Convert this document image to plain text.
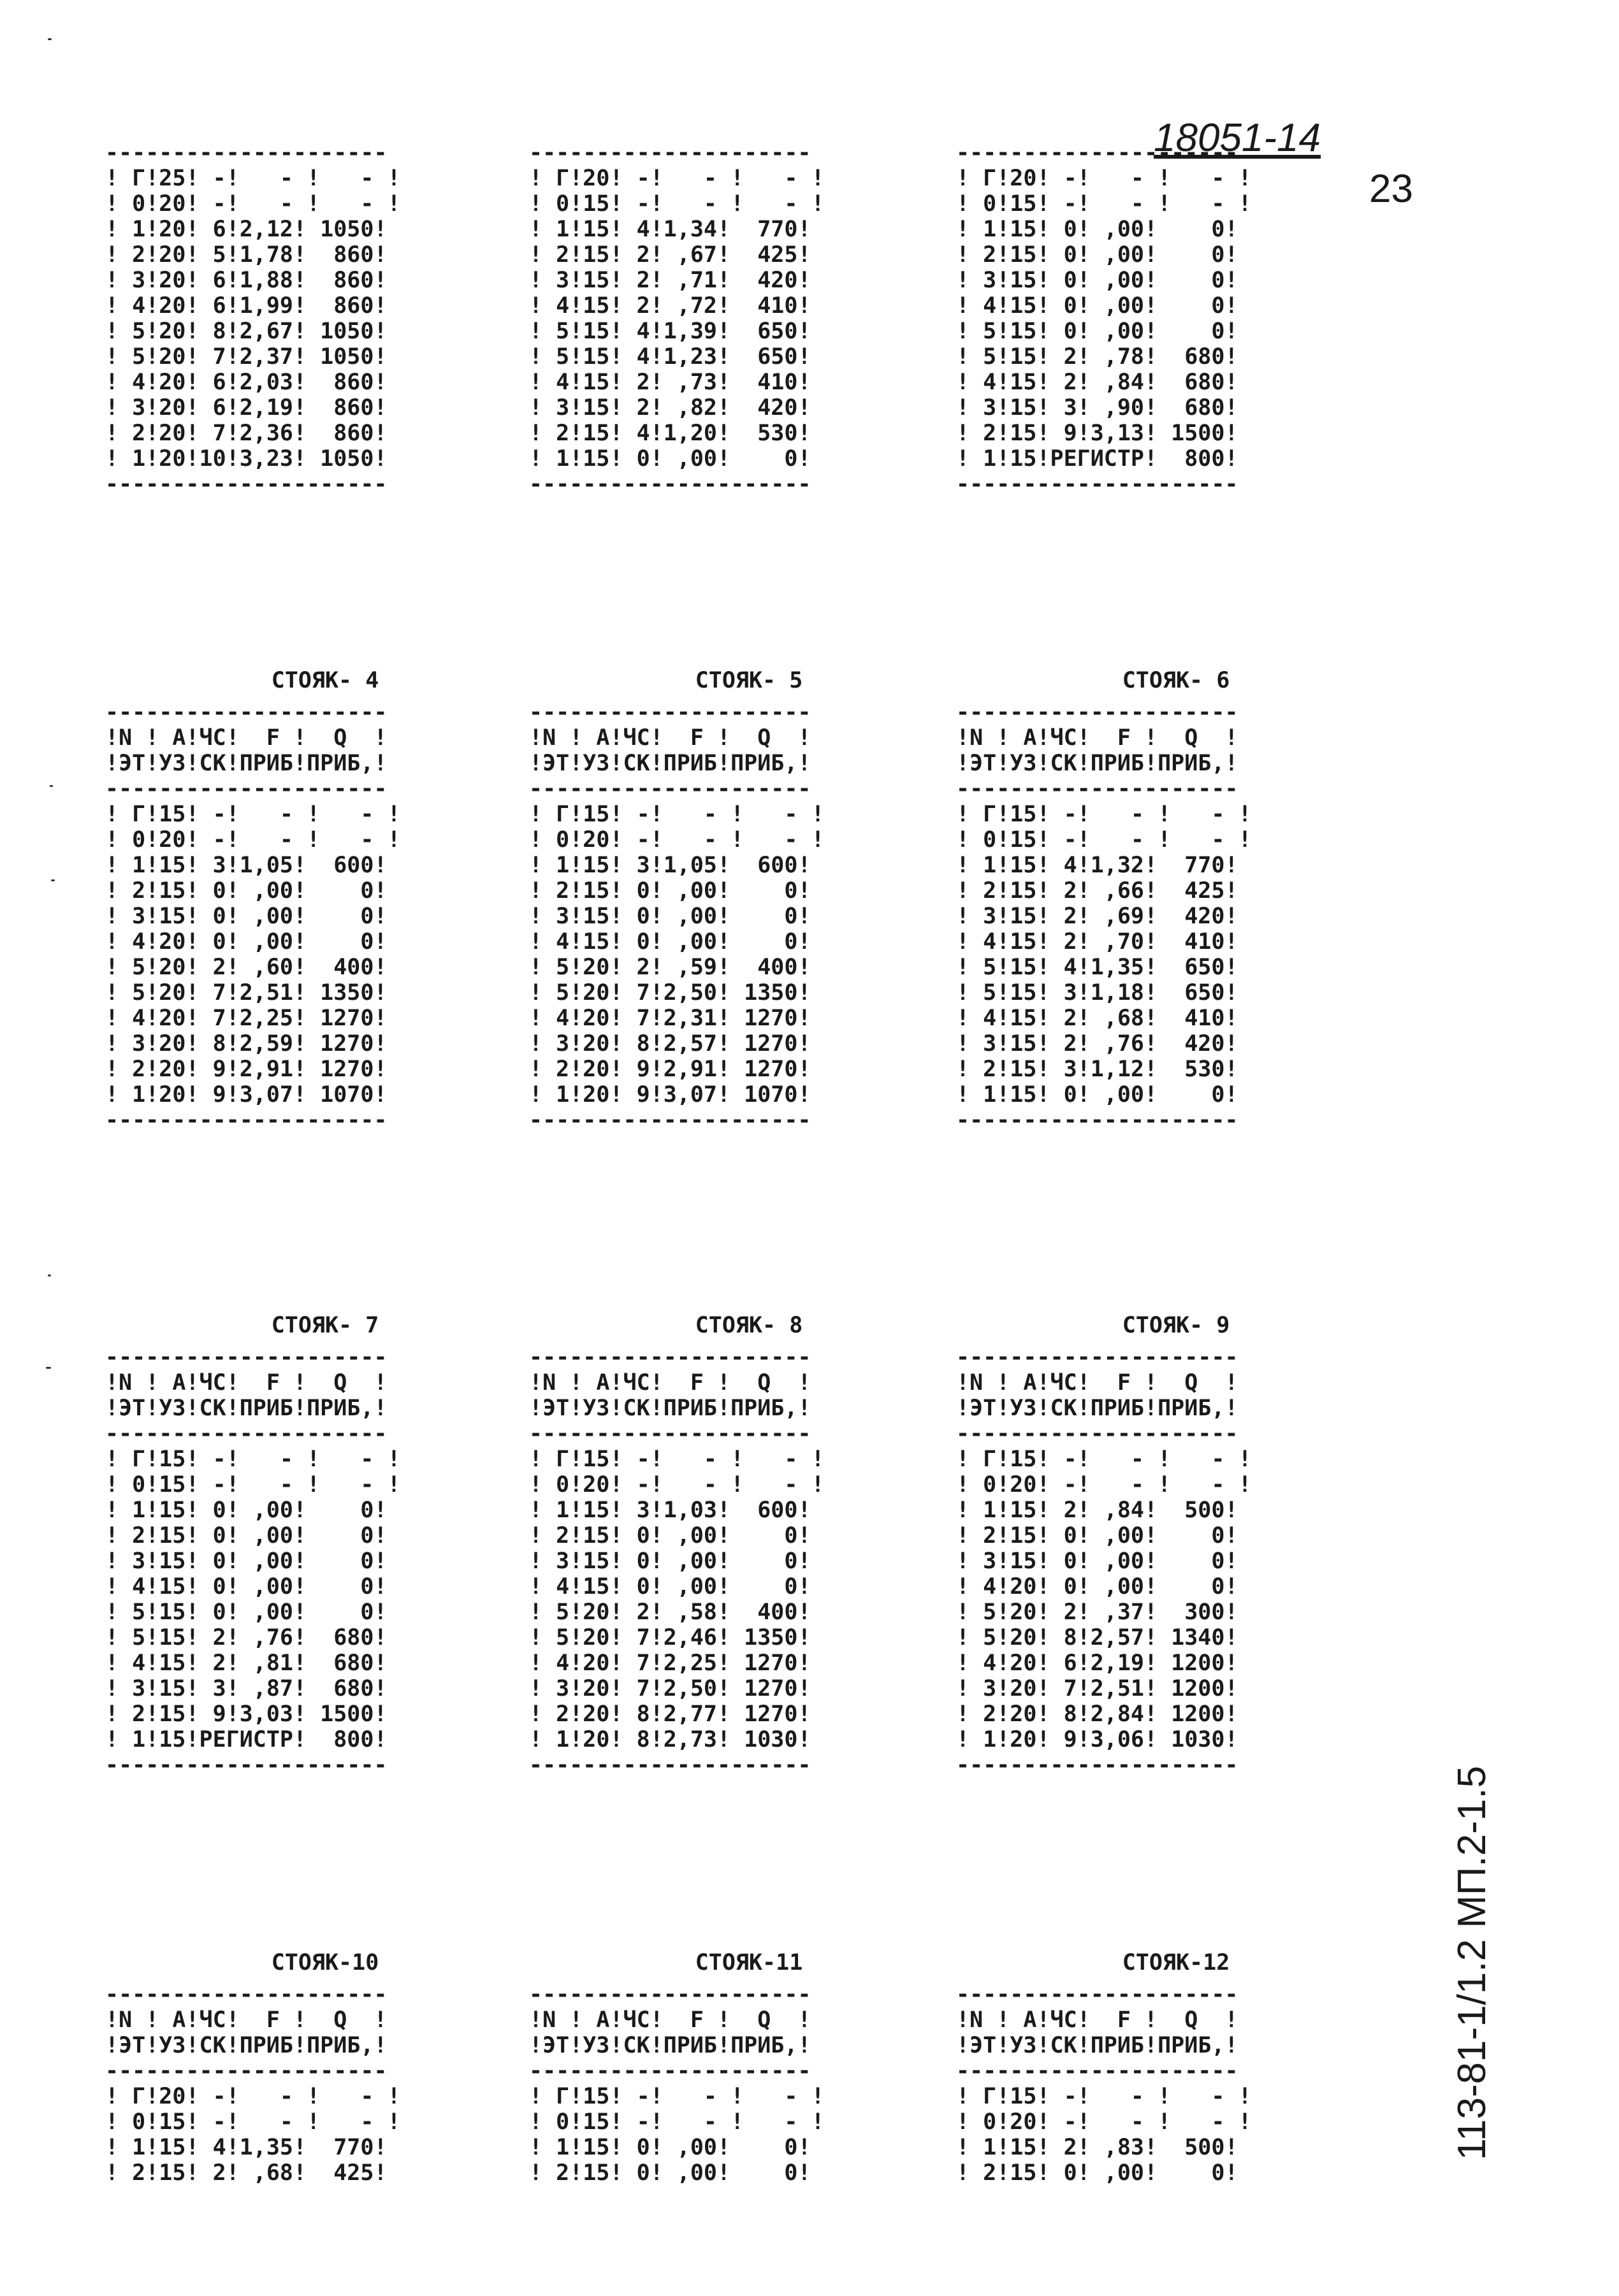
18051-14
23
113-81-1/1.2 МП.2-1.5
---------------------
! Г!25! -!   - !   - !
! 0!20! -!   - !   - !
! 1!20! 6!2,12! 1050!
! 2!20! 5!1,78!  860!
! 3!20! 6!1,88!  860!
! 4!20! 6!1,99!  860!
! 5!20! 8!2,67! 1050!
! 5!20! 7!2,37! 1050!
! 4!20! 6!2,03!  860!
! 3!20! 6!2,19!  860!
! 2!20! 7!2,36!  860!
! 1!20!10!3,23! 1050!
---------------------
---------------------
! Г!20! -!   - !   - !
! 0!15! -!   - !   - !
! 1!15! 4!1,34!  770!
! 2!15! 2! ,67!  425!
! 3!15! 2! ,71!  420!
! 4!15! 2! ,72!  410!
! 5!15! 4!1,39!  650!
! 5!15! 4!1,23!  650!
! 4!15! 2! ,73!  410!
! 3!15! 2! ,82!  420!
! 2!15! 4!1,20!  530!
! 1!15! 0! ,00!    0!
---------------------
---------------------
! Г!20! -!   - !   - !
! 0!15! -!   - !   - !
! 1!15! 0! ,00!    0!
! 2!15! 0! ,00!    0!
! 3!15! 0! ,00!    0!
! 4!15! 0! ,00!    0!
! 5!15! 0! ,00!    0!
! 5!15! 2! ,78!  680!
! 4!15! 2! ,84!  680!
! 3!15! 3! ,90!  680!
! 2!15! 9!3,13! 1500!
! 1!15!РЕГИСТР!  800!
---------------------
СТОЯК- 4
---------------------
!N ! А!ЧС!  F !  Q  !
!ЭТ!УЗ!СК!ПРИБ!ПРИБ,!
---------------------
! Г!15! -!   - !   - !
! 0!20! -!   - !   - !
! 1!15! 3!1,05!  600!
! 2!15! 0! ,00!    0!
! 3!15! 0! ,00!    0!
! 4!20! 0! ,00!    0!
! 5!20! 2! ,60!  400!
! 5!20! 7!2,51! 1350!
! 4!20! 7!2,25! 1270!
! 3!20! 8!2,59! 1270!
! 2!20! 9!2,91! 1270!
! 1!20! 9!3,07! 1070!
---------------------
СТОЯК- 5
---------------------
!N ! А!ЧС!  F !  Q  !
!ЭТ!УЗ!СК!ПРИБ!ПРИБ,!
---------------------
! Г!15! -!   - !   - !
! 0!20! -!   - !   - !
! 1!15! 3!1,05!  600!
! 2!15! 0! ,00!    0!
! 3!15! 0! ,00!    0!
! 4!15! 0! ,00!    0!
! 5!20! 2! ,59!  400!
! 5!20! 7!2,50! 1350!
! 4!20! 7!2,31! 1270!
! 3!20! 8!2,57! 1270!
! 2!20! 9!2,91! 1270!
! 1!20! 9!3,07! 1070!
---------------------
СТОЯК- 6
---------------------
!N ! А!ЧС!  F !  Q  !
!ЭТ!УЗ!СК!ПРИБ!ПРИБ,!
---------------------
! Г!15! -!   - !   - !
! 0!15! -!   - !   - !
! 1!15! 4!1,32!  770!
! 2!15! 2! ,66!  425!
! 3!15! 2! ,69!  420!
! 4!15! 2! ,70!  410!
! 5!15! 4!1,35!  650!
! 5!15! 3!1,18!  650!
! 4!15! 2! ,68!  410!
! 3!15! 2! ,76!  420!
! 2!15! 3!1,12!  530!
! 1!15! 0! ,00!    0!
---------------------
СТОЯК- 7
---------------------
!N ! А!ЧС!  F !  Q  !
!ЭТ!УЗ!СК!ПРИБ!ПРИБ,!
---------------------
! Г!15! -!   - !   - !
! 0!15! -!   - !   - !
! 1!15! 0! ,00!    0!
! 2!15! 0! ,00!    0!
! 3!15! 0! ,00!    0!
! 4!15! 0! ,00!    0!
! 5!15! 0! ,00!    0!
! 5!15! 2! ,76!  680!
! 4!15! 2! ,81!  680!
! 3!15! 3! ,87!  680!
! 2!15! 9!3,03! 1500!
! 1!15!РЕГИСТР!  800!
---------------------
СТОЯК- 8
---------------------
!N ! А!ЧС!  F !  Q  !
!ЭТ!УЗ!СК!ПРИБ!ПРИБ,!
---------------------
! Г!15! -!   - !   - !
! 0!20! -!   - !   - !
! 1!15! 3!1,03!  600!
! 2!15! 0! ,00!    0!
! 3!15! 0! ,00!    0!
! 4!15! 0! ,00!    0!
! 5!20! 2! ,58!  400!
! 5!20! 7!2,46! 1350!
! 4!20! 7!2,25! 1270!
! 3!20! 7!2,50! 1270!
! 2!20! 8!2,77! 1270!
! 1!20! 8!2,73! 1030!
---------------------
СТОЯК- 9
---------------------
!N ! А!ЧС!  F !  Q  !
!ЭТ!УЗ!СК!ПРИБ!ПРИБ,!
---------------------
! Г!15! -!   - !   - !
! 0!20! -!   - !   - !
! 1!15! 2! ,84!  500!
! 2!15! 0! ,00!    0!
! 3!15! 0! ,00!    0!
! 4!20! 0! ,00!    0!
! 5!20! 2! ,37!  300!
! 5!20! 8!2,57! 1340!
! 4!20! 6!2,19! 1200!
! 3!20! 7!2,51! 1200!
! 2!20! 8!2,84! 1200!
! 1!20! 9!3,06! 1030!
---------------------
СТОЯК-10
---------------------
!N ! А!ЧС!  F !  Q  !
!ЭТ!УЗ!СК!ПРИБ!ПРИБ,!
---------------------
! Г!20! -!   - !   - !
! 0!15! -!   - !   - !
! 1!15! 4!1,35!  770!
! 2!15! 2! ,68!  425!
СТОЯК-11
---------------------
!N ! А!ЧС!  F !  Q  !
!ЭТ!УЗ!СК!ПРИБ!ПРИБ,!
---------------------
! Г!15! -!   - !   - !
! 0!15! -!   - !   - !
! 1!15! 0! ,00!    0!
! 2!15! 0! ,00!    0!
СТОЯК-12
---------------------
!N ! А!ЧС!  F !  Q  !
!ЭТ!УЗ!СК!ПРИБ!ПРИБ,!
---------------------
! Г!15! -!   - !   - !
! 0!20! -!   - !   - !
! 1!15! 2! ,83!  500!
! 2!15! 0! ,00!    0!
